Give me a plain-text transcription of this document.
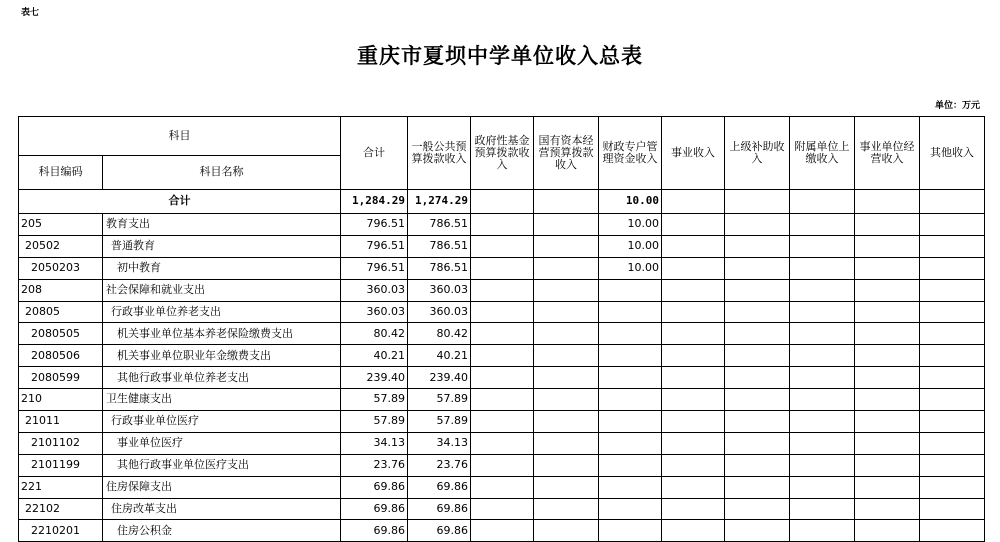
表七
重庆市夏坝中学单位收入总表
单位：万元
科目		合计	一般公共预算拨款收入	政府性基金预算拨款收入	国有资本经营预算拨款收入	财政专户管理资金收入	事业收入	上级补助收入	附属单位上缴收入	事业单位经营收入	其他收入
科目编码	科目名称										
合计		1,284.29	1,274.29			10.00					
205	教育支出	796.51	786.51			10.00					
20502	普通教育	796.51	786.51			10.00					
2050203	初中教育	796.51	786.51			10.00					
208	社会保障和就业支出	360.03	360.03								
20805	行政事业单位养老支出	360.03	360.03								
2080505	机关事业单位基本养老保险缴费支出	80.42	80.42								
2080506	机关事业单位职业年金缴费支出	40.21	40.21								
2080599	其他行政事业单位养老支出	239.40	239.40								
210	卫生健康支出	57.89	57.89								
21011	行政事业单位医疗	57.89	57.89								
2101102	事业单位医疗	34.13	34.13								
2101199	其他行政事业单位医疗支出	23.76	23.76								
221	住房保障支出	69.86	69.86								
22102	住房改革支出	69.86	69.86								
2210201	住房公积金	69.86	69.86								
